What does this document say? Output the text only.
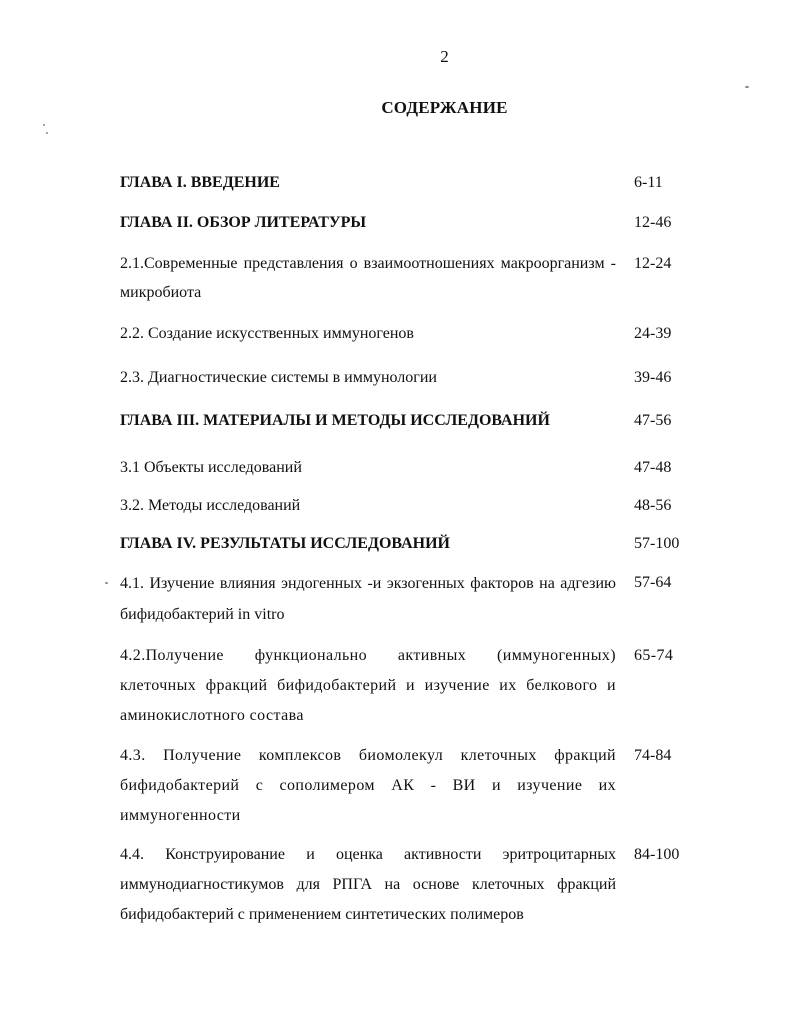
2
СОДЕРЖАНИЕ
ГЛАВА I. ВВЕДЕНИЕ	6-11
ГЛАВА II. ОБЗОР ЛИТЕРАТУРЫ	12-46
2.1.Современные представления о взаимоотношениях макроорганизм - микробиота
12-24
2.2. Создание искусственных иммуногенов	24-39
2.3. Диагностические системы в иммунологии	39-46
ГЛАВА III. МАТЕРИАЛЫ И МЕТОДЫ ИССЛЕДОВАНИЙ	47-56
3.1 Объекты исследований	47-48
3.2. Методы исследований	48-56
ГЛАВА IV. РЕЗУЛЬТАТЫ ИССЛЕДОВАНИЙ	57-100
4.1. Изучение влияния эндогенных -и экзогенных факторов на адгезию бифидобактерий in vitro
57-64
4.2.Получение функционально активных (иммуногенных) клеточных фракций бифидобактерий и изучение их белкового и аминокислотного состава
65-74
4.3. Получение комплексов биомолекул клеточных фракций бифидобактерий с сополимером АК - ВИ и изучение их иммуногенности
74-84
4.4. Конструирование и оценка активности эритроцитарных иммунодиагностикумов для РПГА на основе клеточных фракций бифидобактерий с применением синтетических полимеров
84-100
